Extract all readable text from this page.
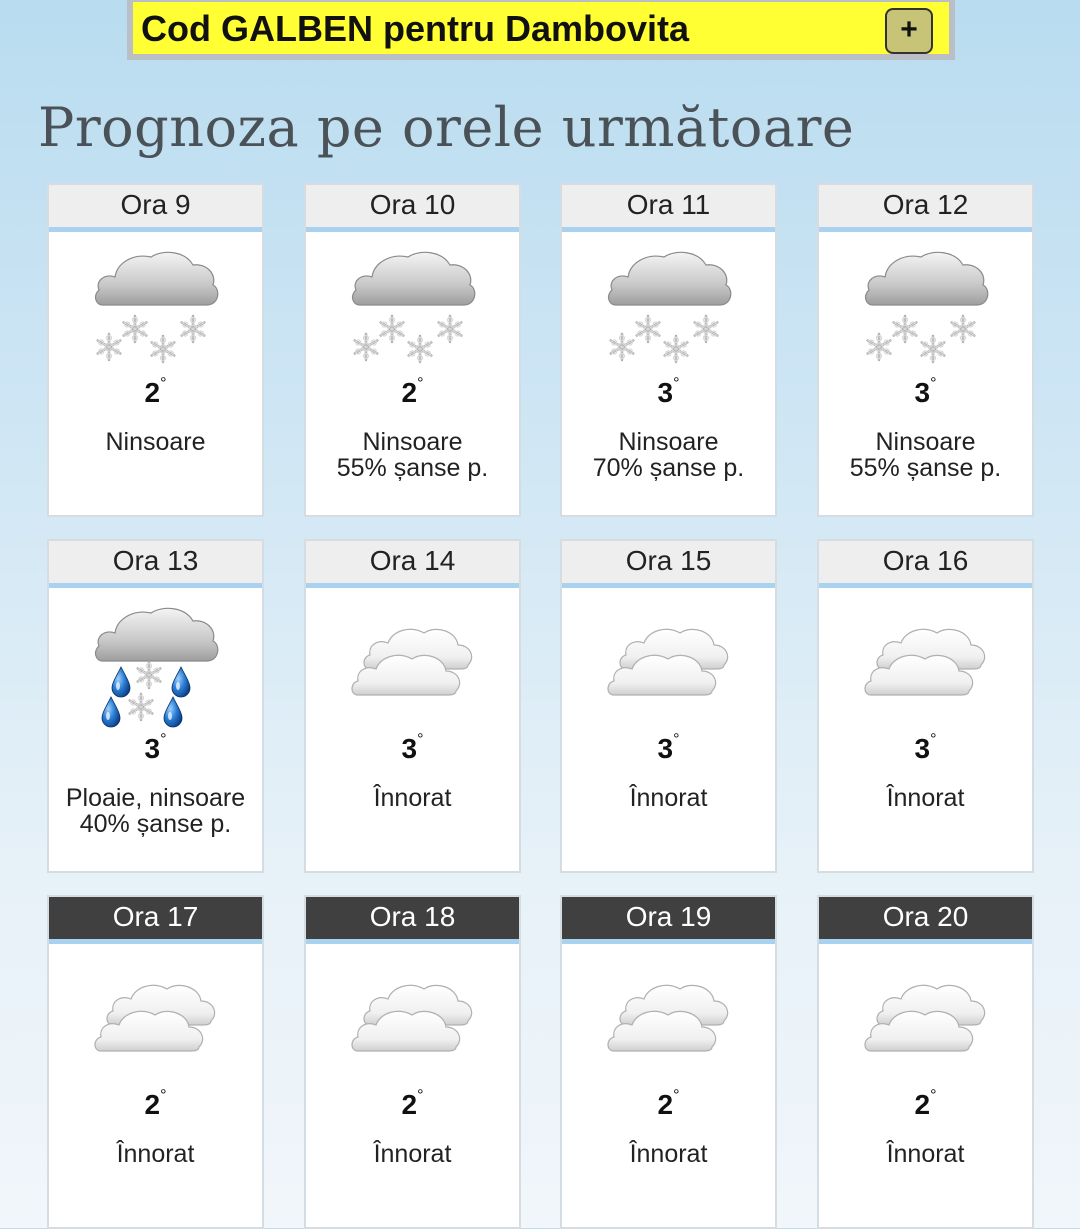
Cod GALBEN pentru Dambovita	+
Prognoza pe orele următoare
Ora 9
2°
Ninsoare
Ora 10
2°
Ninsoare
55% șanse p.
Ora 11
3°
Ninsoare
70% șanse p.
Ora 12
3°
Ninsoare
55% șanse p.
Ora 13
3°
Ploaie, ninsoare
40% șanse p.
Ora 14
3°
Înnorat
Ora 15
3°
Înnorat
Ora 16
3°
Înnorat
Ora 17
2°
Înnorat
Ora 18
2°
Înnorat
Ora 19
2°
Înnorat
Ora 20
2°
Înnorat
